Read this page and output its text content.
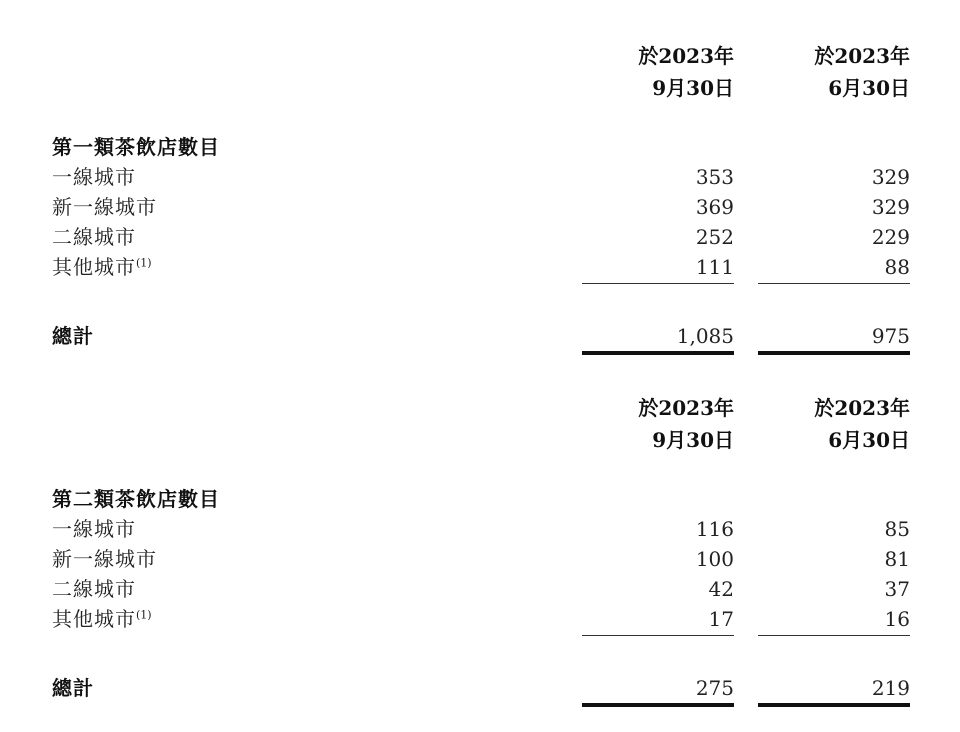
於2023年
9月30日
於2023年
6月30日
第一類茶飲店數目
一線城市	353	329
新一線城市	369	329
二線城市	252	229
其他城市$^{(1)}$	111	88
總計	1,085	975
於2023年
9月30日
於2023年
6月30日
第二類茶飲店數目
一線城市	116	85
新一線城市	100	81
二線城市	42	37
其他城市$^{(1)}$	17	16
總計	275	219
